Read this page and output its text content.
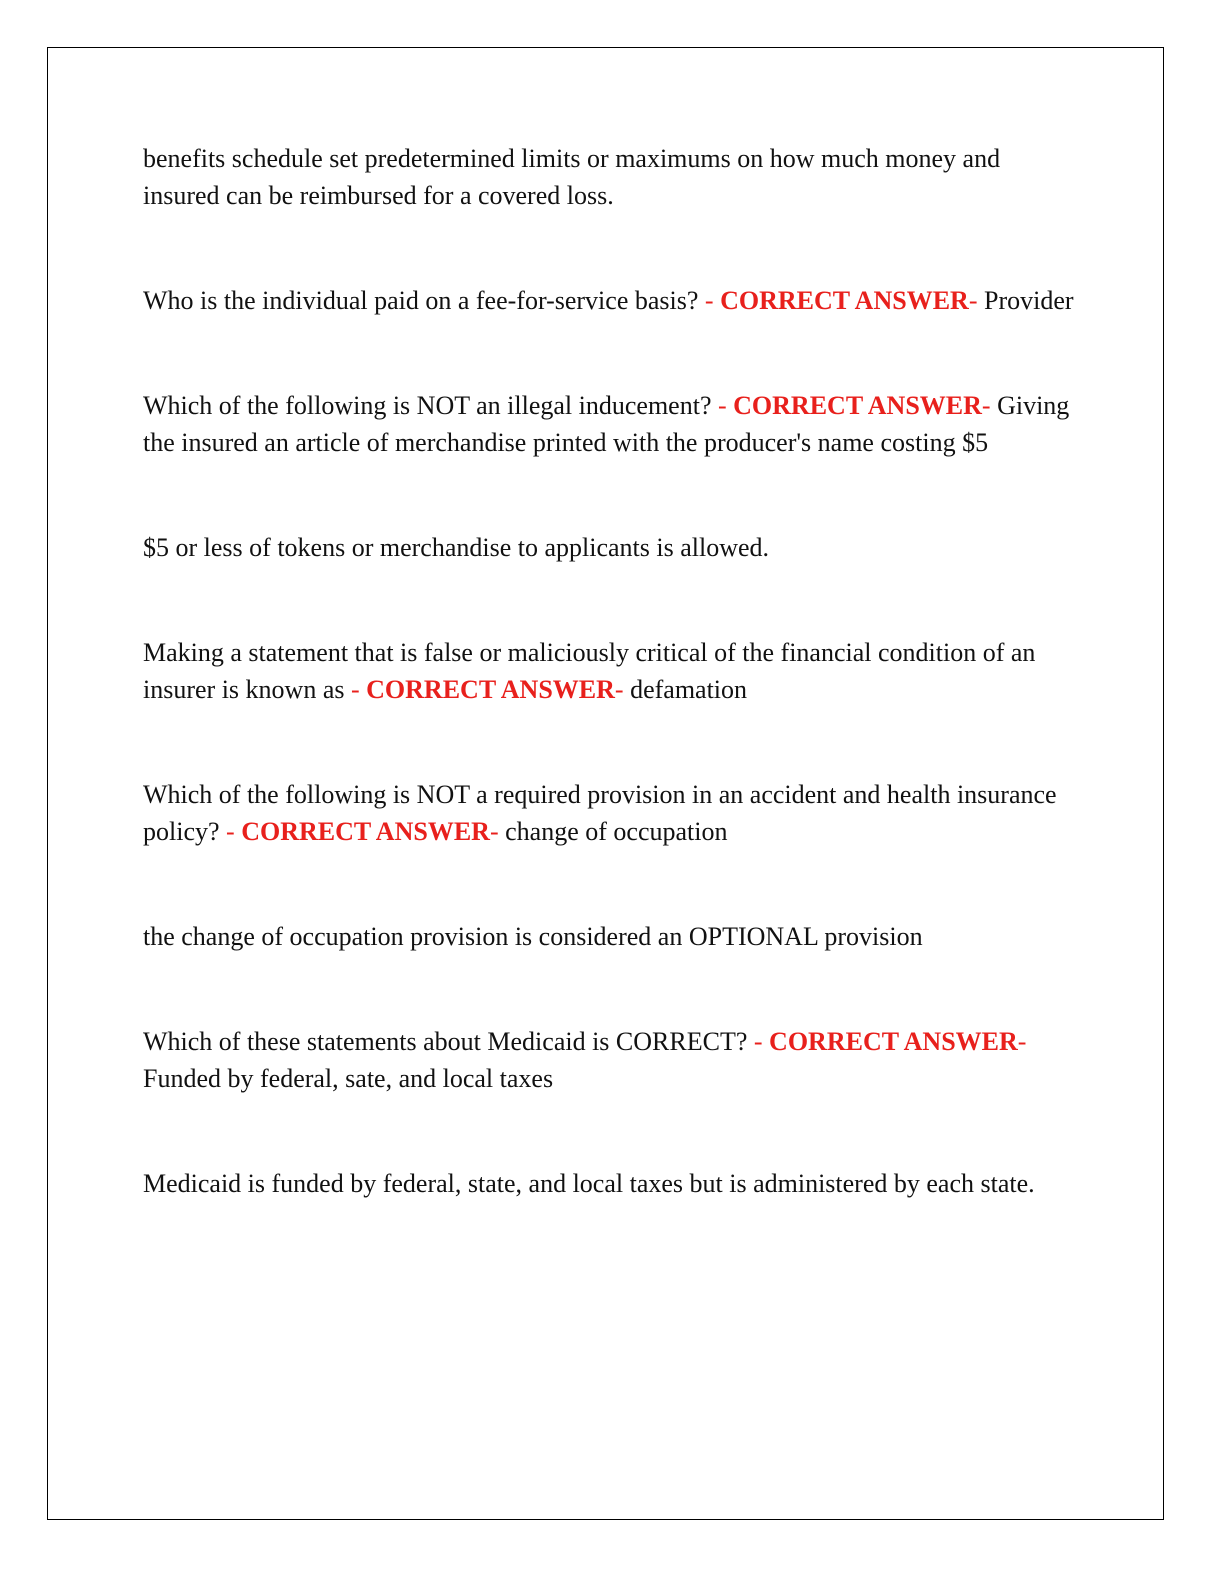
benefits schedule set predetermined limits or maximums on how much money and insured can be reimbursed for a covered loss.

Who is the individual paid on a fee-for-service basis? - CORRECT ANSWER- Provider

Which of the following is NOT an illegal inducement? - CORRECT ANSWER- Giving the insured an article of merchandise printed with the producer's name costing $5

$5 or less of tokens or merchandise to applicants is allowed.

Making a statement that is false or maliciously critical of the financial condition of an insurer is known as - CORRECT ANSWER- defamation

Which of the following is NOT a required provision in an accident and health insurance policy? - CORRECT ANSWER- change of occupation

the change of occupation provision is considered an OPTIONAL provision

Which of these statements about Medicaid is CORRECT? - CORRECT ANSWER- Funded by federal, sate, and local taxes

Medicaid is funded by federal, state, and local taxes but is administered by each state.
